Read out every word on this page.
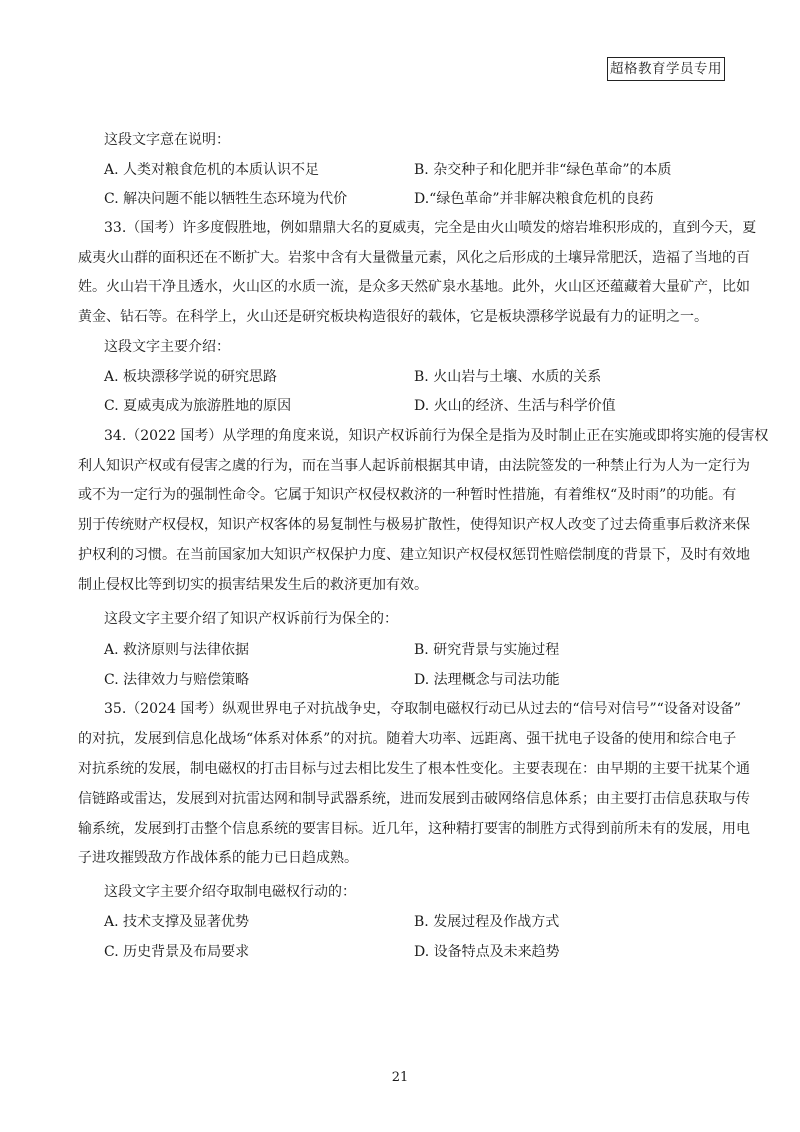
超格教育学员专用
这段文字意在说明：
A. 人类对粮食危机的本质认识不足	B. 杂交种子和化肥并非“绿色革命”的本质
C. 解决问题不能以牺牲生态环境为代价	D.“绿色革命”并非解决粮食危机的良药
33.（国考）许多度假胜地，例如鼎鼎大名的夏威夷，完全是由火山喷发的熔岩堆积形成的，直到今天，夏
威夷火山群的面积还在不断扩大。岩浆中含有大量微量元素，风化之后形成的土壤异常肥沃，造福了当地的百
姓。火山岩干净且透水，火山区的水质一流，是众多天然矿泉水基地。此外，火山区还蕴藏着大量矿产，比如
黄金、钻石等。在科学上，火山还是研究板块构造很好的载体，它是板块漂移学说最有力的证明之一。
这段文字主要介绍：
A. 板块漂移学说的研究思路	B. 火山岩与土壤、水质的关系
C. 夏威夷成为旅游胜地的原因	D. 火山的经济、生活与科学价值
34.（2022 国考）从学理的角度来说，知识产权诉前行为保全是指为及时制止正在实施或即将实施的侵害权
利人知识产权或有侵害之虞的行为，而在当事人起诉前根据其申请，由法院签发的一种禁止行为人为一定行为
或不为一定行为的强制性命令。它属于知识产权侵权救济的一种暂时性措施，有着维权“及时雨”的功能。有
别于传统财产权侵权，知识产权客体的易复制性与极易扩散性，使得知识产权人改变了过去倚重事后救济来保
护权利的习惯。在当前国家加大知识产权保护力度、建立知识产权侵权惩罚性赔偿制度的背景下，及时有效地
制止侵权比等到切实的损害结果发生后的救济更加有效。
这段文字主要介绍了知识产权诉前行为保全的：
A. 救济原则与法律依据	B. 研究背景与实施过程
C. 法律效力与赔偿策略	D. 法理概念与司法功能
35.（2024 国考）纵观世界电子对抗战争史，夺取制电磁权行动已从过去的“信号对信号”“设备对设备”
的对抗，发展到信息化战场“体系对体系”的对抗。随着大功率、远距离、强干扰电子设备的使用和综合电子
对抗系统的发展，制电磁权的打击目标与过去相比发生了根本性变化。主要表现在：由早期的主要干扰某个通
信链路或雷达，发展到对抗雷达网和制导武器系统，进而发展到击破网络信息体系；由主要打击信息获取与传
输系统，发展到打击整个信息系统的要害目标。近几年，这种精打要害的制胜方式得到前所未有的发展，用电
子进攻摧毁敌方作战体系的能力已日趋成熟。
这段文字主要介绍夺取制电磁权行动的：
A. 技术支撑及显著优势	B. 发展过程及作战方式
C. 历史背景及布局要求	D. 设备特点及未来趋势
21
